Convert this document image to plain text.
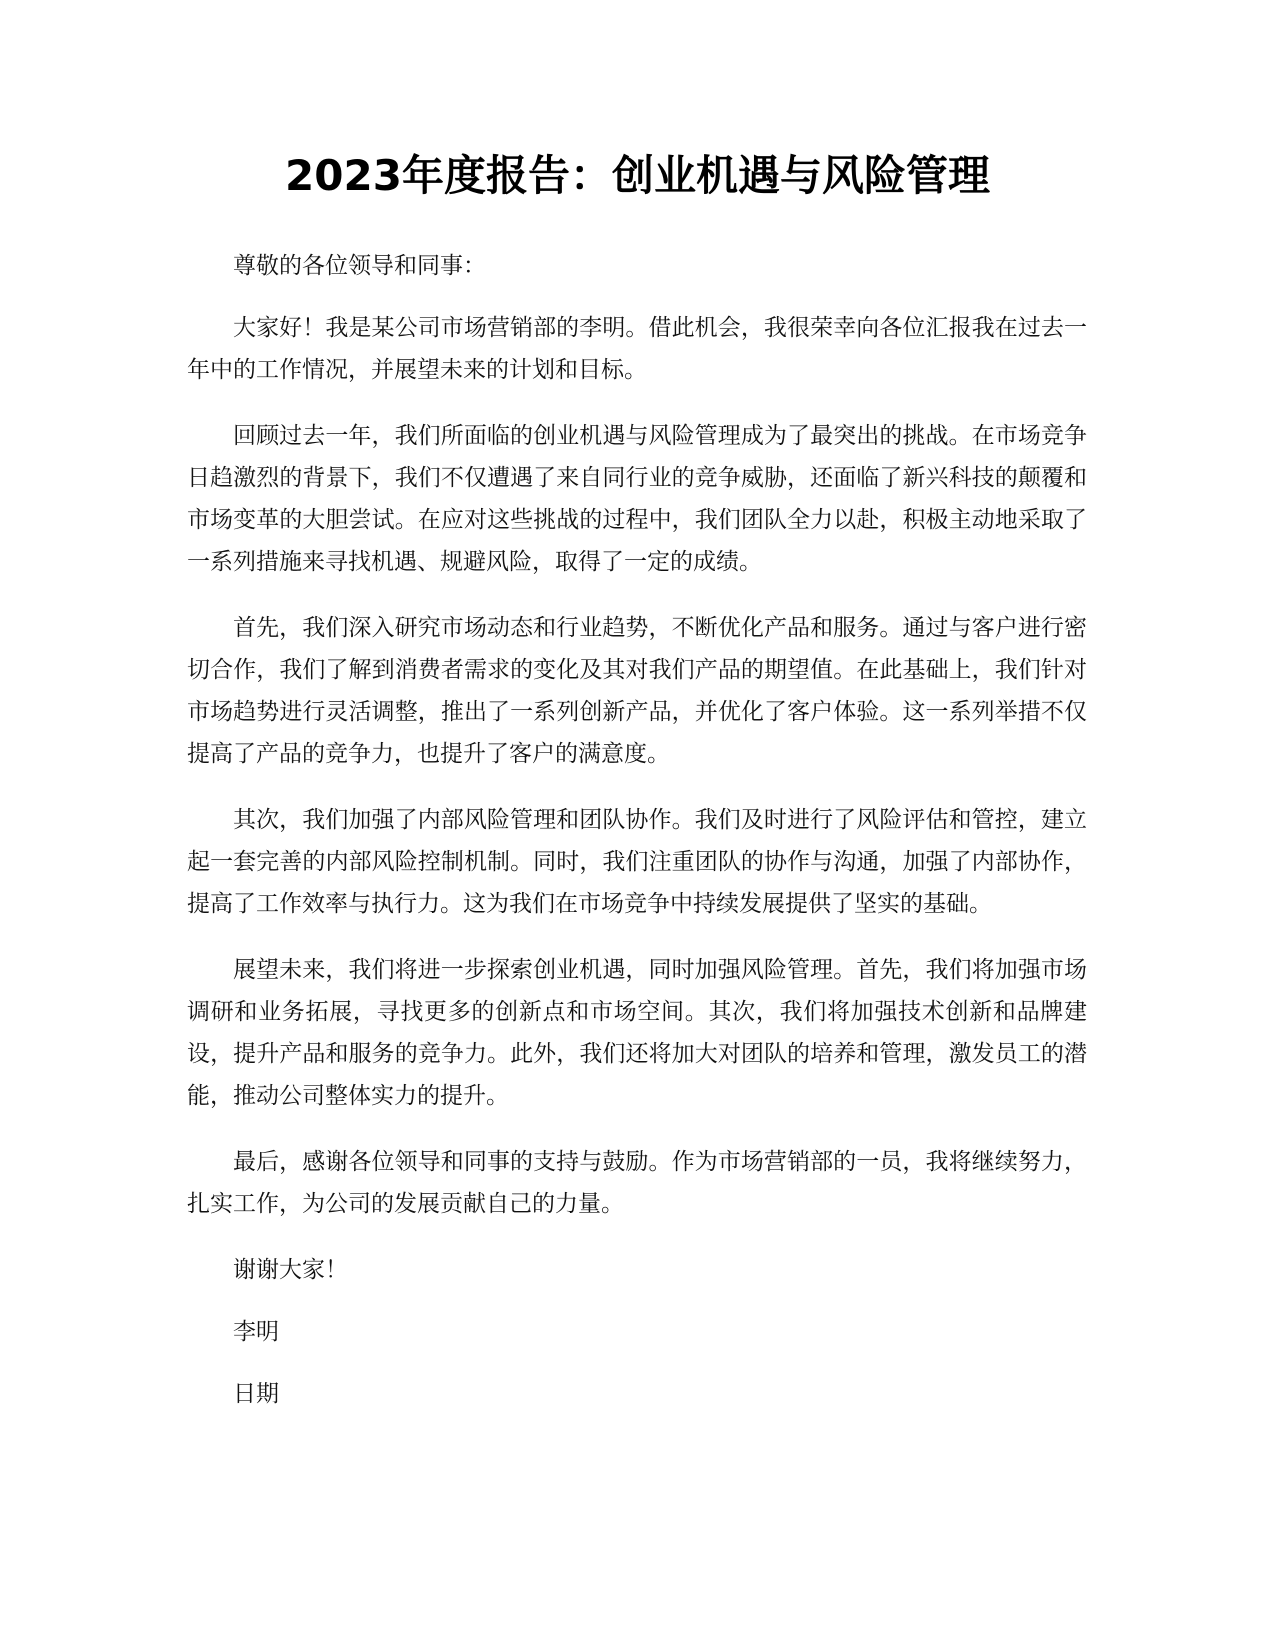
2023年度报告：创业机遇与风险管理

尊敬的各位领导和同事：

大家好！我是某公司市场营销部的李明。借此机会，我很荣幸向各位汇报我在过去一年中的工作情况，并展望未来的计划和目标。

回顾过去一年，我们所面临的创业机遇与风险管理成为了最突出的挑战。在市场竞争日趋激烈的背景下，我们不仅遭遇了来自同行业的竞争威胁，还面临了新兴科技的颠覆和市场变革的大胆尝试。在应对这些挑战的过程中，我们团队全力以赴，积极主动地采取了一系列措施来寻找机遇、规避风险，取得了一定的成绩。

首先，我们深入研究市场动态和行业趋势，不断优化产品和服务。通过与客户进行密切合作，我们了解到消费者需求的变化及其对我们产品的期望值。在此基础上，我们针对市场趋势进行灵活调整，推出了一系列创新产品，并优化了客户体验。这一系列举措不仅提高了产品的竞争力，也提升了客户的满意度。

其次，我们加强了内部风险管理和团队协作。我们及时进行了风险评估和管控，建立起一套完善的内部风险控制机制。同时，我们注重团队的协作与沟通，加强了内部协作，提高了工作效率与执行力。这为我们在市场竞争中持续发展提供了坚实的基础。

展望未来，我们将进一步探索创业机遇，同时加强风险管理。首先，我们将加强市场调研和业务拓展，寻找更多的创新点和市场空间。其次，我们将加强技术创新和品牌建设，提升产品和服务的竞争力。此外，我们还将加大对团队的培养和管理，激发员工的潜能，推动公司整体实力的提升。

最后，感谢各位领导和同事的支持与鼓励。作为市场营销部的一员，我将继续努力，扎实工作，为公司的发展贡献自己的力量。

谢谢大家！

李明

日期
